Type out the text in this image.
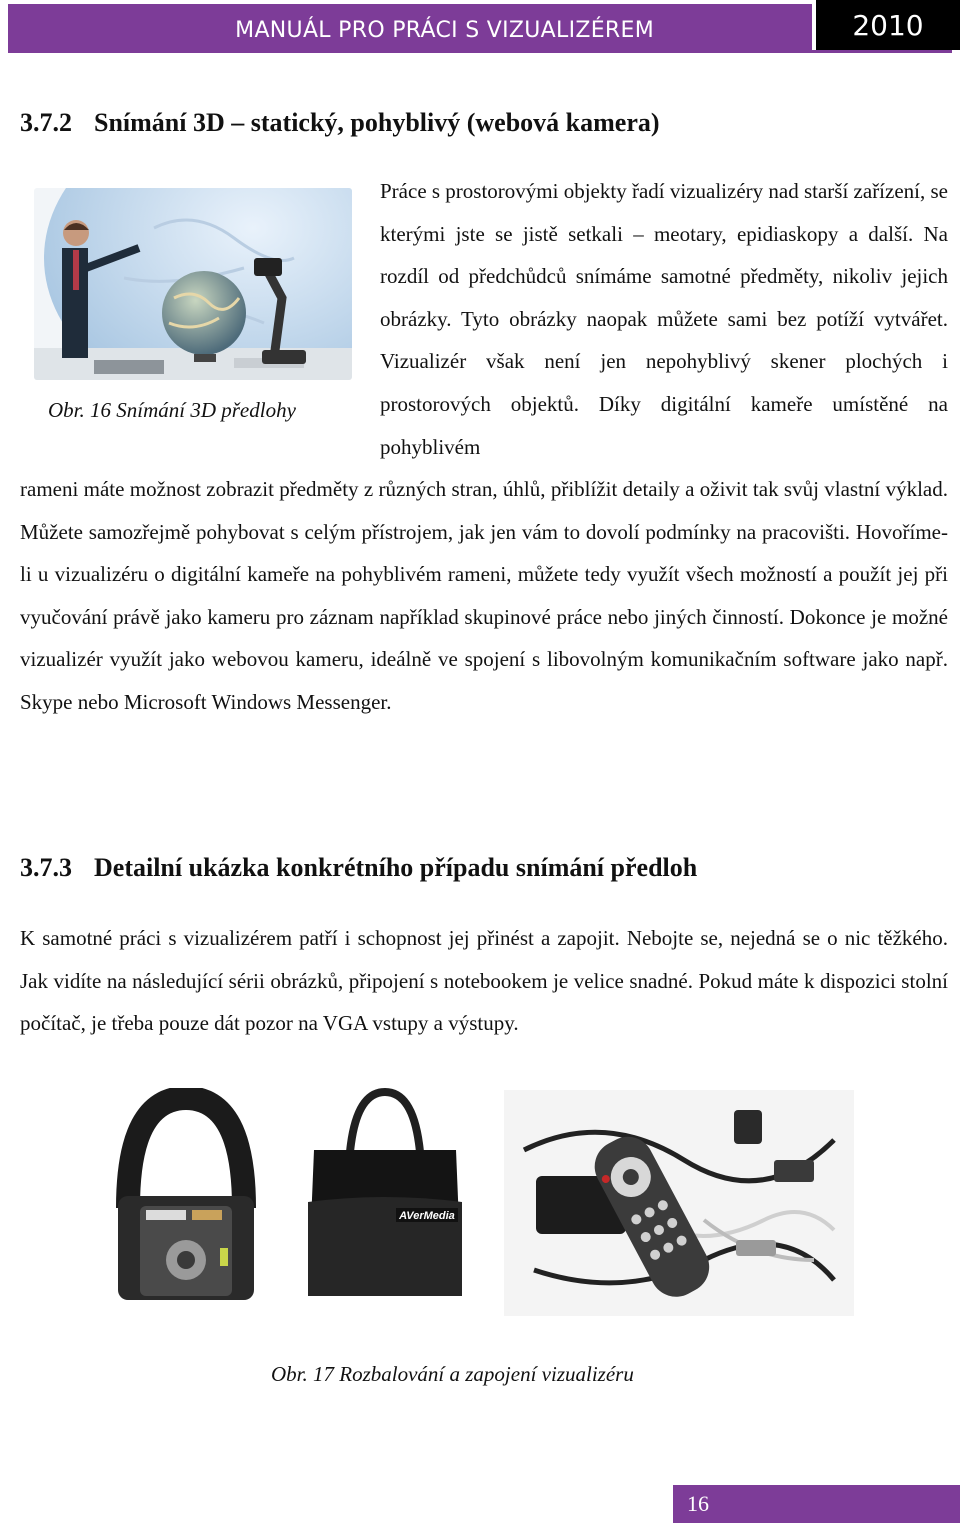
MANUÁL PRO PRÁCI S VIZUALIZÉREM	2010
3.7.2 Snímání 3D – statický, pohyblivý (webová kamera)
Obr. 16 Snímání 3D předlohy

Práce s prostorovými objekty řadí vizualizéry nad starší zařízení, se kterými jste se jistě setkali – meotary, epidiaskopy a další. Na rozdíl od předchůdců snímáme samotné předměty, nikoliv jejich obrázky. Tyto obrázky naopak můžete sami bez potíží vytvářet. Vizualizér však není jen nepohyblivý skener plochých i prostorových objektů. Díky digitální kameře umístěné na pohyblivém

rameni máte možnost zobrazit předměty z různých stran, úhlů, přiblížit detaily a oživit tak svůj vlastní výklad. Můžete samozřejmě pohybovat s celým přístrojem, jak jen vám to dovolí podmínky na pracovišti. Hovoříme-li u vizualizéru o digitální kameře na pohyblivém rameni, můžete tedy využít všech možností a použít jej při vyučování právě jako kameru pro záznam například skupinové práce nebo jiných činností. Dokonce je možné vizualizér využít jako webovou kameru, ideálně ve spojení s libovolným komunikačním software jako např. Skype nebo Microsoft Windows Messenger.

3.7.3 Detailní ukázka konkrétního případu snímání předloh

K samotné práci s vizualizérem patří i schopnost jej přinést a zapojit. Nebojte se, nejedná se o nic těžkého. Jak vidíte na následující sérii obrázků, připojení s notebookem je velice snadné. Pokud máte k dispozici stolní počítač, je třeba pouze dát pozor na VGA vstupy a výstupy.

AVerMedia
Obr. 17 Rozbalování a zapojení vizualizéru
16
